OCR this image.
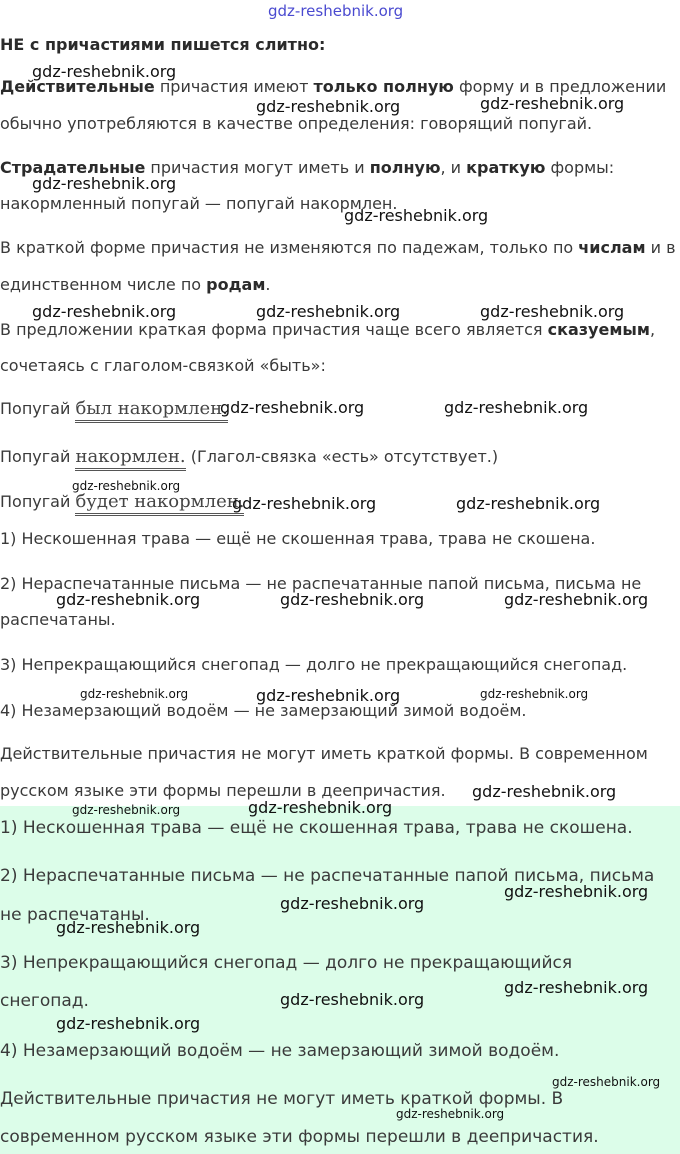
gdz-reshebnik.org
НЕ с причастиями пишется слитно:
Действительные причастия имеют только полную форму и в предложении
обычно употребляются в качестве определения: говорящий попугай.
Страдательные причастия могут иметь и полную, и краткую формы:
накормленный попугай — попугай накормлен.
В краткой форме причастия не изменяются по падежам, только по числам и в
единственном числе по родам.
В предложении краткая форма причастия чаще всего является сказуемым,
сочетаясь с глаголом-связкой «быть»:
Попугай был накормлен.
Попугай накормлен. (Глагол-связка «есть» отсутствует.)
Попугай будет накормлен.
1) Нескошенная трава — ещё не скошенная трава, трава не скошена.
2) Нераспечатанные письма — не распечатанные папой письма, письма не
распечатаны.
3) Непрекращающийся снегопад — долго не прекращающийся снегопад.
4) Незамерзающий водоём — не замерзающий зимой водоём.
Действительные причастия не могут иметь краткой формы. В современном
русском языке эти формы перешли в деепричастия.
1) Нескошенная трава — ещё не скошенная трава, трава не скошена.
2) Нераспечатанные письма — не распечатанные папой письма, письма
не распечатаны.
3) Непрекращающийся снегопад — долго не прекращающийся
снегопад.
4) Незамерзающий водоём — не замерзающий зимой водоём.
Действительные причастия не могут иметь краткой формы. В
современном русском языке эти формы перешли в деепричастия.
gdz-reshebnik.org
gdz-reshebnik.org	gdz-reshebnik.org
gdz-reshebnik.org
gdz-reshebnik.org
gdz-reshebnik.org	gdz-reshebnik.org	gdz-reshebnik.org
gdz-reshebnik.org	gdz-reshebnik.org
gdz-reshebnik.org
gdz-reshebnik.org	gdz-reshebnik.org
gdz-reshebnik.org	gdz-reshebnik.org	gdz-reshebnik.org
gdz-reshebnik.org	gdz-reshebnik.org	gdz-reshebnik.org
gdz-reshebnik.org
gdz-reshebnik.org	gdz-reshebnik.org
gdz-reshebnik.org
gdz-reshebnik.org
gdz-reshebnik.org
gdz-reshebnik.org
gdz-reshebnik.org
gdz-reshebnik.org
gdz-reshebnik.org
gdz-reshebnik.org
